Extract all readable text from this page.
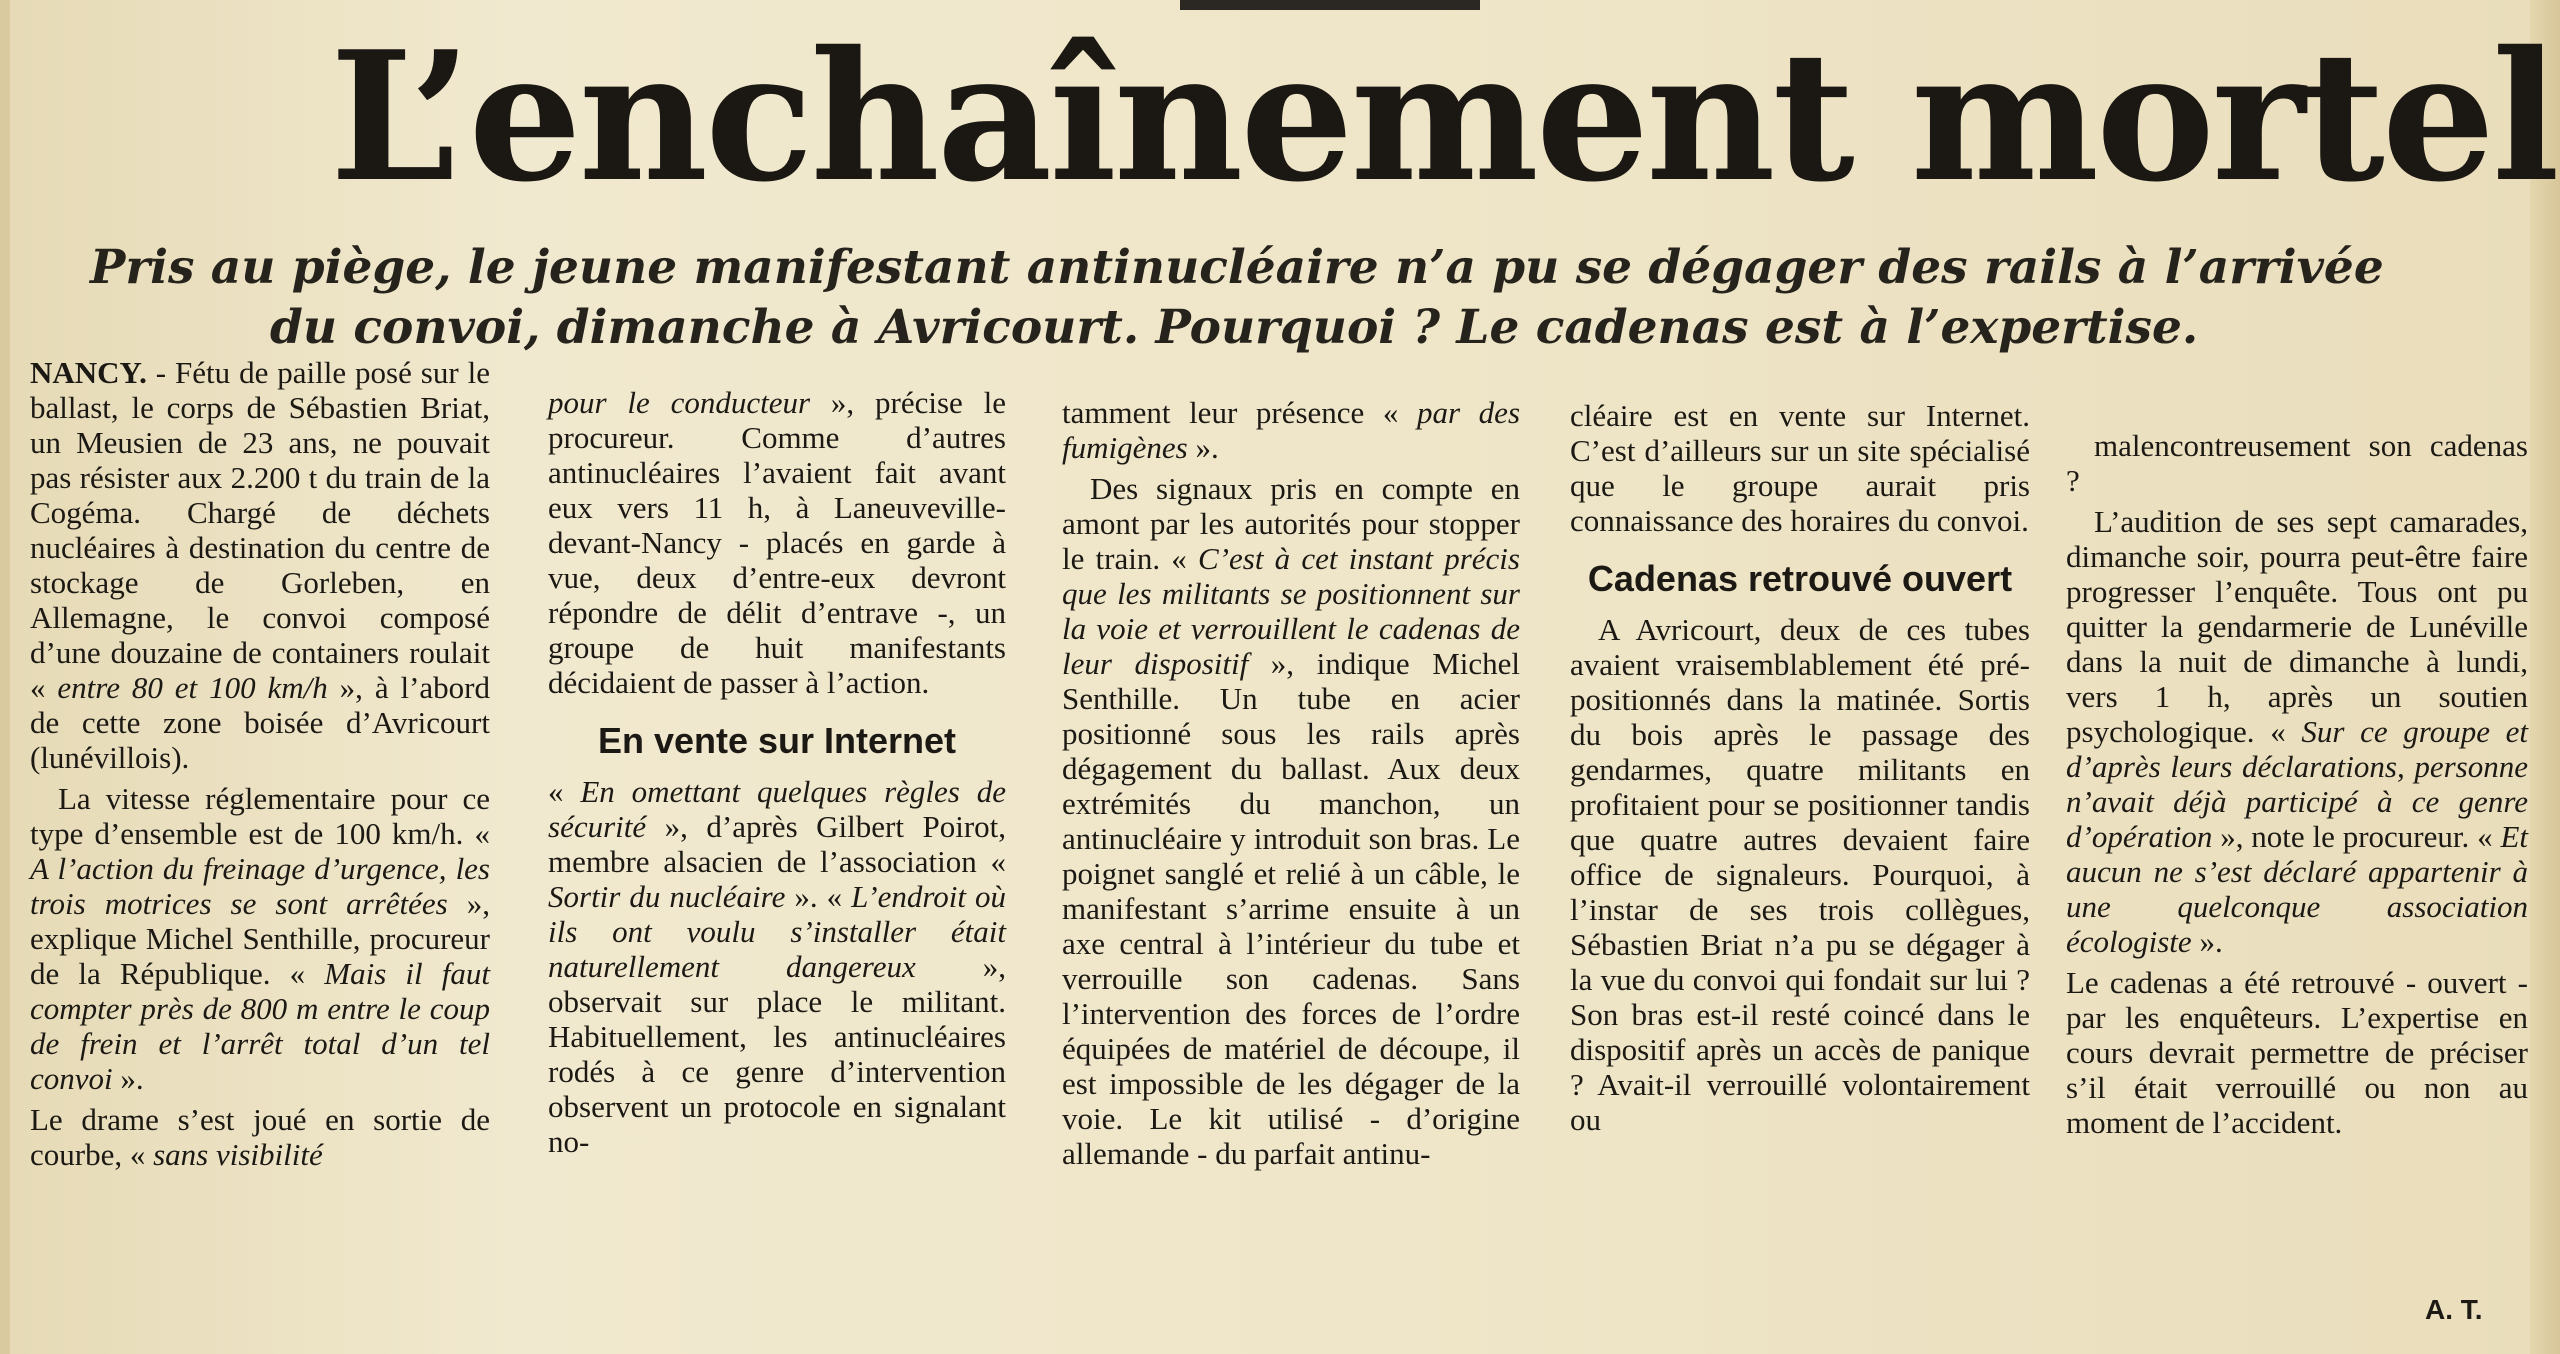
L’enchaînement mortel
Pris au piège, le jeune manifestant antinucléaire n’a pu se dégager des rails à l’arrivée
du convoi, dimanche à Avricourt. Pourquoi ? Le cadenas est à l’expertise.

NANCY. - Fétu de paille posé sur le ballast, le corps de Sébastien Briat, un Meusien de 23 ans, ne pouvait pas résister aux 2.200 t du train de la Cogéma. Chargé de déchets nucléaires à destination du centre de stockage de Gorleben, en Allemagne, le convoi composé d’une douzaine de containers roulait « entre 80 et 100 km/h », à l’abord de cette zone boisée d’Avricourt (lunévillois).

La vitesse réglementaire pour ce type d’ensemble est de 100 km/h. « A l’action du freinage d’urgence, les trois motrices se sont arrêtées », explique Michel Senthille, procureur de la République. « Mais il faut compter près de 800 m entre le coup de frein et l’arrêt total d’un tel convoi ».

Le drame s’est joué en sortie de courbe, « sans visibilité

pour le conducteur », précise le procureur. Comme d’autres antinucléaires l’avaient fait avant eux vers 11 h, à Laneuveville-devant-Nancy - placés en garde à vue, deux d’entre-eux devront répondre de délit d’entrave -, un groupe de huit manifestants décidaient de passer à l’action.

En vente sur Internet

« En omettant quelques règles de sécurité », d’après Gilbert Poirot, membre alsacien de l’association « Sortir du nucléaire ». « L’endroit où ils ont voulu s’installer était naturellement dangereux », observait sur place le militant. Habituellement, les antinucléaires rodés à ce genre d’intervention observent un protocole en signalant no-

tamment leur présence « par des fumigènes ».

Des signaux pris en compte en amont par les autorités pour stopper le train. « C’est à cet instant précis que les militants se positionnent sur la voie et verrouillent le cadenas de leur dispositif », indique Michel Senthille. Un tube en acier positionné sous les rails après dégagement du ballast. Aux deux extrémités du manchon, un antinucléaire y introduit son bras. Le poignet sanglé et relié à un câble, le manifestant s’arrime ensuite à un axe central à l’intérieur du tube et verrouille son cadenas. Sans l’intervention des forces de l’ordre équipées de matériel de découpe, il est impossible de les dégager de la voie. Le kit utilisé - d’origine allemande - du parfait antinu-

cléaire est en vente sur Internet. C’est d’ailleurs sur un site spécialisé que le groupe aurait pris connaissance des horaires du convoi.

Cadenas retrouvé ouvert

A Avricourt, deux de ces tubes avaient vraisemblablement été pré-positionnés dans la matinée. Sortis du bois après le passage des gendarmes, quatre militants en profitaient pour se positionner tandis que quatre autres devaient faire office de signaleurs. Pourquoi, à l’instar de ses trois collègues, Sébastien Briat n’a pu se dégager à la vue du convoi qui fondait sur lui ? Son bras est-il resté coincé dans le dispositif après un accès de panique ? Avait-il verrouillé volontairement ou

malencontreusement son cadenas ?

L’audition de ses sept camarades, dimanche soir, pourra peut-être faire progresser l’enquête. Tous ont pu quitter la gendarmerie de Lunéville dans la nuit de dimanche à lundi, vers 1 h, après un soutien psychologique. « Sur ce groupe et d’après leurs déclarations, personne n’avait déjà participé à ce genre d’opération », note le procureur. « Et aucun ne s’est déclaré appartenir à une quelconque association écologiste ».

Le cadenas a été retrouvé - ouvert - par les enquêteurs. L’expertise en cours devrait permettre de préciser s’il était verrouillé ou non au moment de l’accident.

A. T.
